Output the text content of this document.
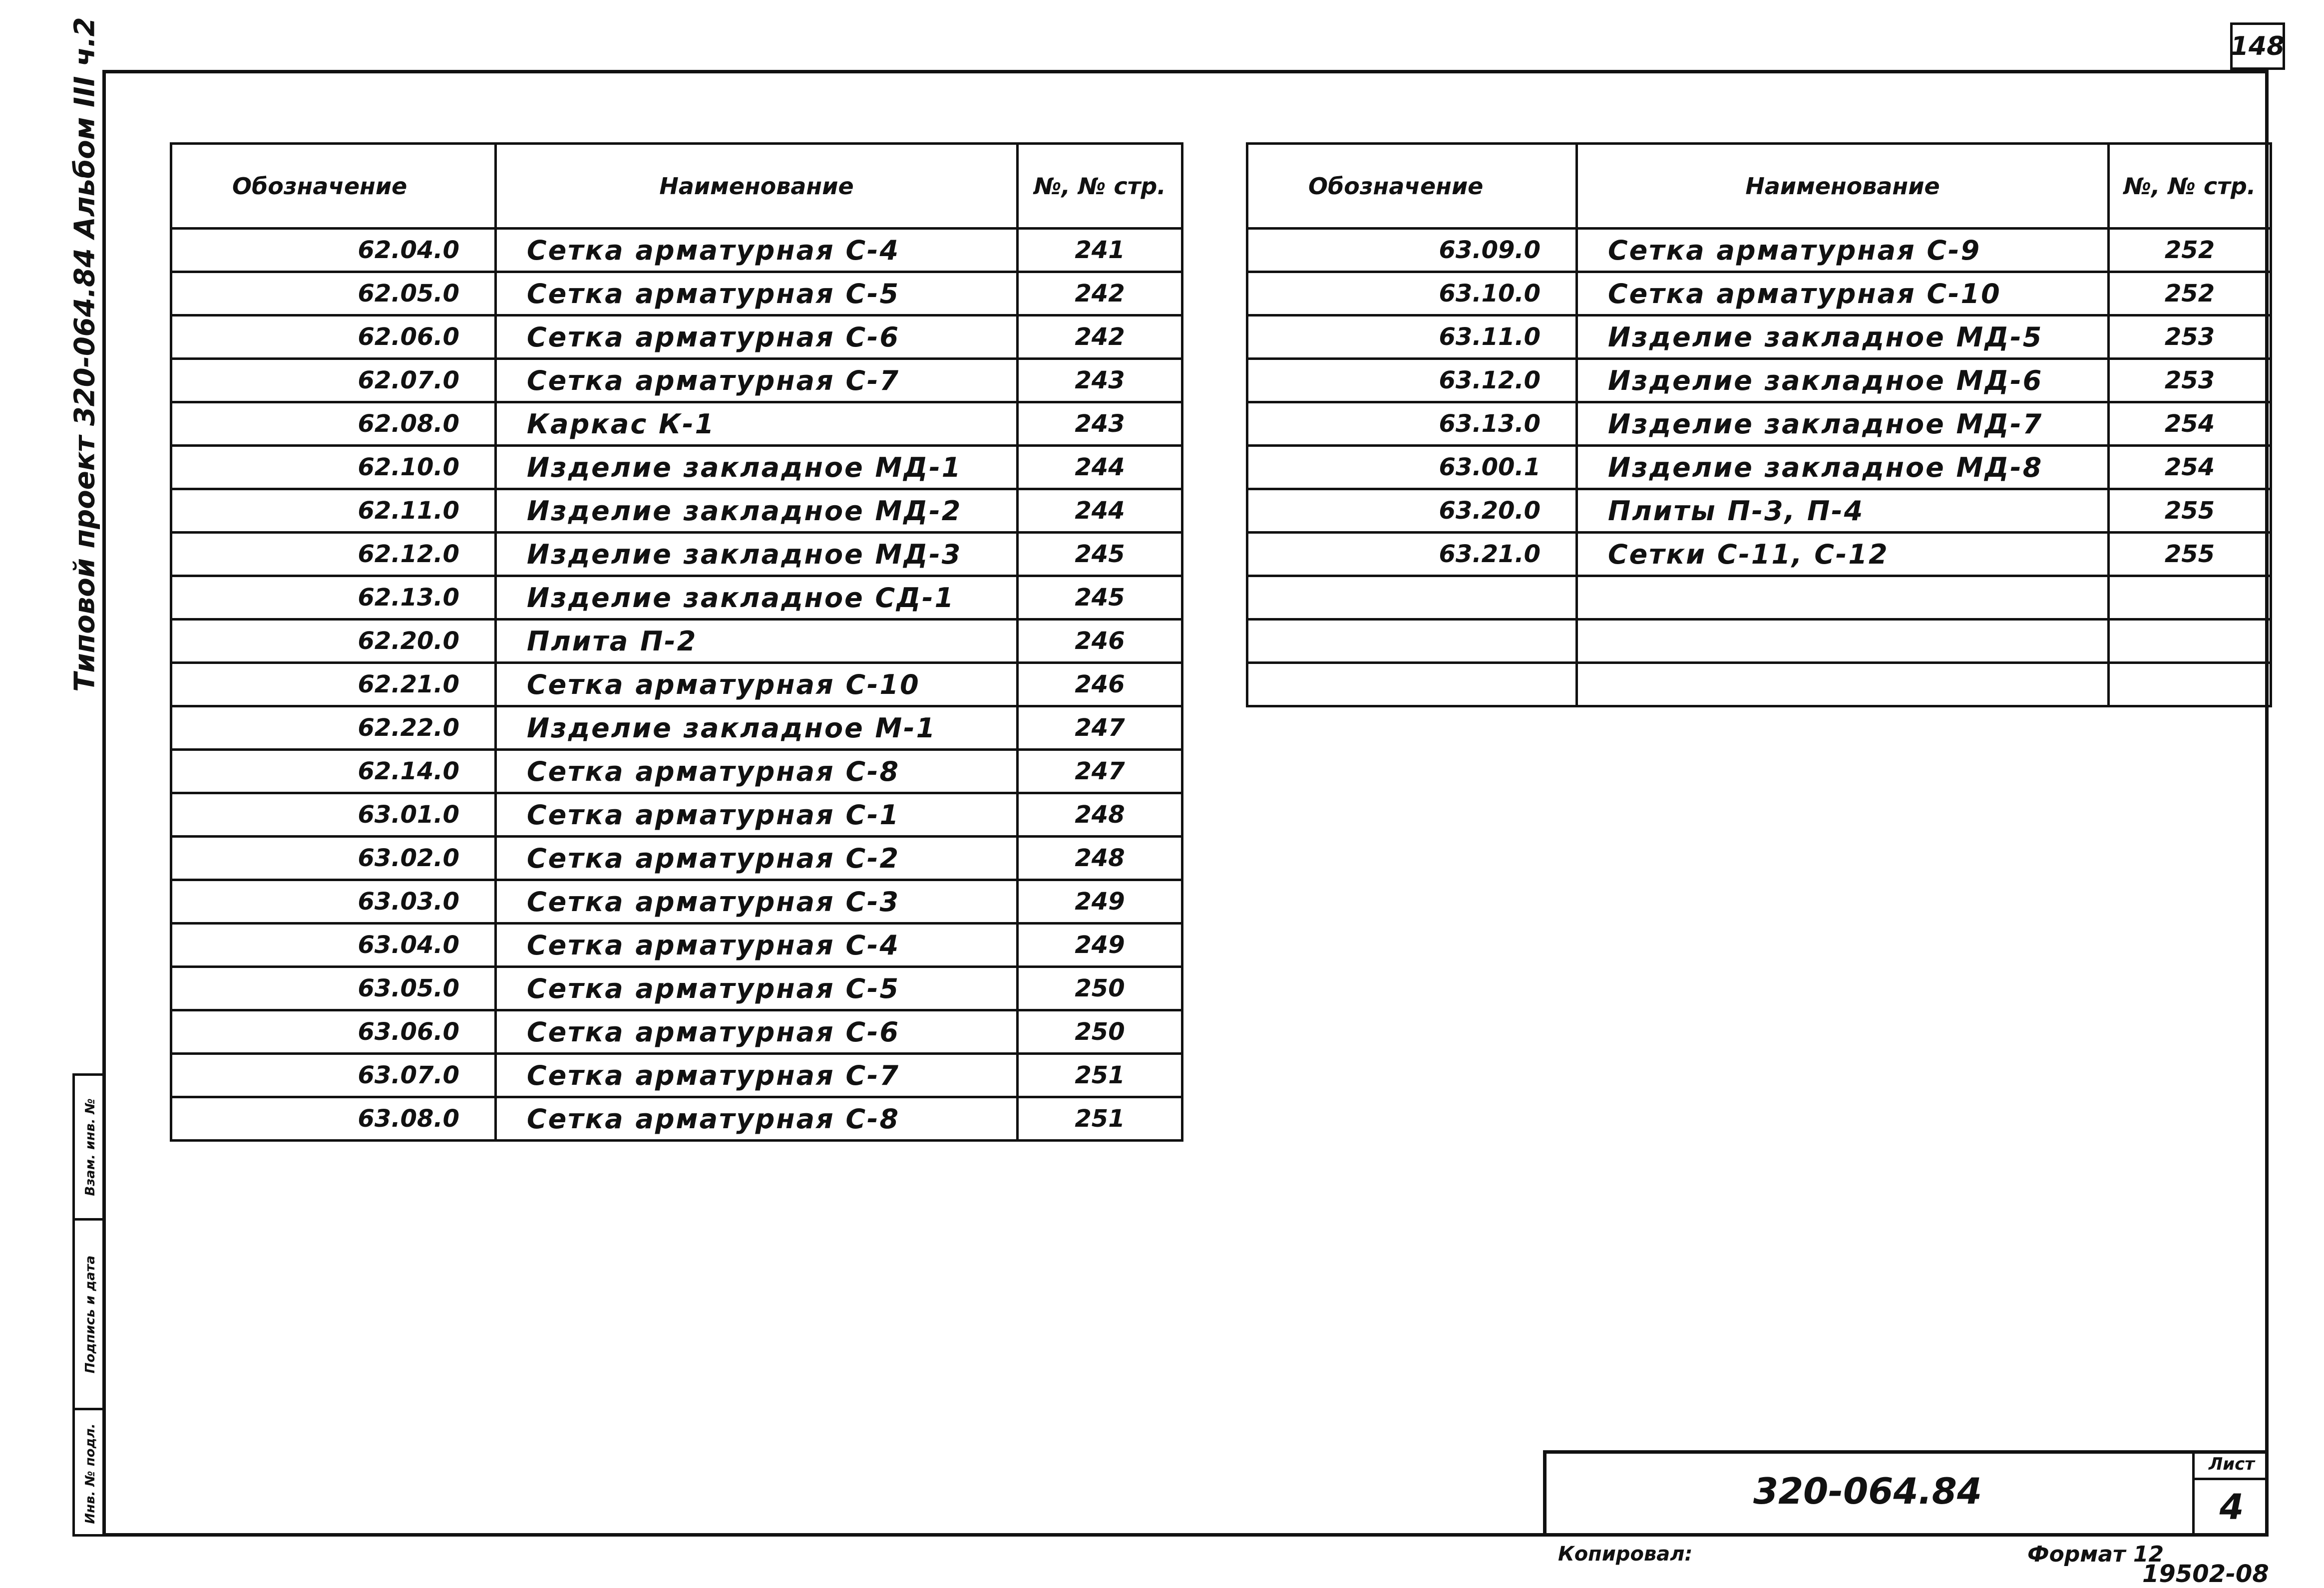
148
Типовой проект 320-064.84 Альбом III ч.2
Взам. инв. №
Подпись и дата
Инв. № подл.
Обозначение	Наименование	№, № стр.
62.04.0	Сетка арматурная С-4	241
62.05.0	Сетка арматурная С-5	242
62.06.0	Сетка арматурная С-6	242
62.07.0	Сетка арматурная С-7	243
62.08.0	Каркас К-1	243
62.10.0	Изделие закладное МД-1	244
62.11.0	Изделие закладное МД-2	244
62.12.0	Изделие закладное МД-3	245
62.13.0	Изделие закладное СД-1	245
62.20.0	Плита П-2	246
62.21.0	Сетка арматурная С-10	246
62.22.0	Изделие закладное М-1	247
62.14.0	Сетка арматурная С-8	247
63.01.0	Сетка арматурная С-1	248
63.02.0	Сетка арматурная С-2	248
63.03.0	Сетка арматурная С-3	249
63.04.0	Сетка арматурная С-4	249
63.05.0	Сетка арматурная С-5	250
63.06.0	Сетка арматурная С-6	250
63.07.0	Сетка арматурная С-7	251
63.08.0	Сетка арматурная С-8	251
Обозначение	Наименование	№, № стр.
63.09.0	Сетка арматурная С-9	252
63.10.0	Сетка арматурная С-10	252
63.11.0	Изделие закладное МД-5	253
63.12.0	Изделие закладное МД-6	253
63.13.0	Изделие закладное МД-7	254
63.00.1	Изделие закладное МД-8	254
63.20.0	Плиты П-3, П-4	255
63.21.0	Сетки С-11, С-12	255

320-064.84
Лист
4
Копировал:	Формат 12
19502-08
